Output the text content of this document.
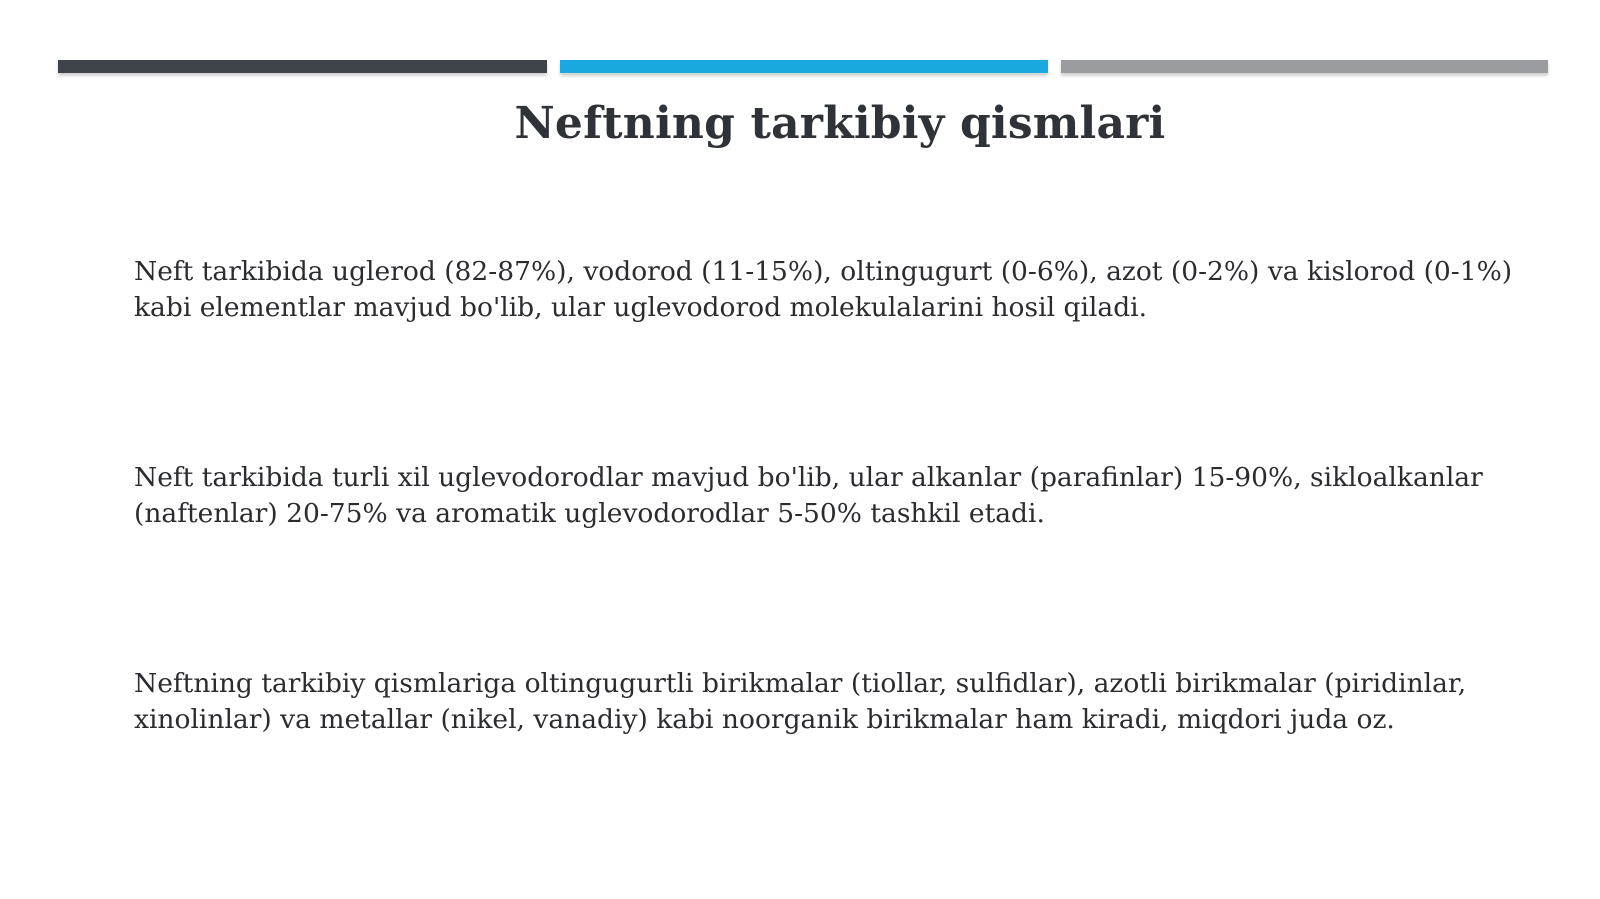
Neftning tarkibiy qismlari

Neft tarkibida uglerod (82-87%), vodorod (11-15%), oltingugurt (0-6%), azot (0-2%) va kislorod (0-1%) kabi elementlar mavjud bo'lib, ular uglevodorod molekulalarini hosil qiladi.

Neft tarkibida turli xil uglevodorodlar mavjud bo'lib, ular alkanlar (parafinlar) 15-90%, sikloalkanlar (naftenlar) 20-75% va aromatik uglevodorodlar 5-50% tashkil etadi.

Neftning tarkibiy qismlariga oltingugurtli birikmalar (tiollar, sulfidlar), azotli birikmalar (piridinlar, xinolinlar) va metallar (nikel, vanadiy) kabi noorganik birikmalar ham kiradi, miqdori juda oz.
